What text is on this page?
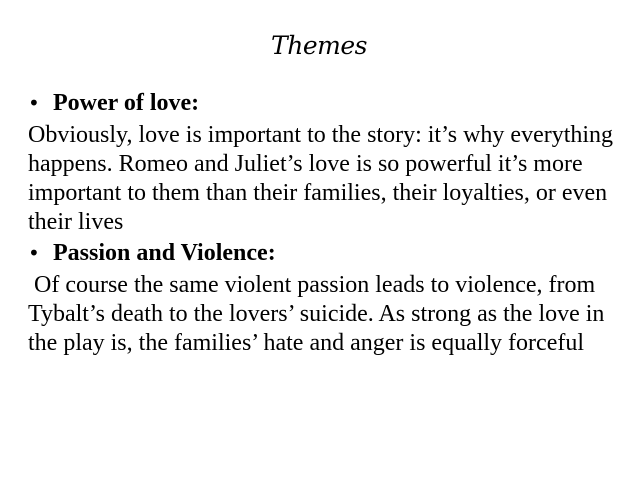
Themes
• Power of love:

Obviously, love is important to the story: it’s why everything happens. Romeo and Juliet’s love is so powerful it’s more important to them than their families, their loyalties, or even their lives

• Passion and Violence:

Of course the same violent passion leads to violence, from Tybalt’s death to the lovers’ suicide. As strong as the love in the play is, the families’ hate and anger is equally forceful
